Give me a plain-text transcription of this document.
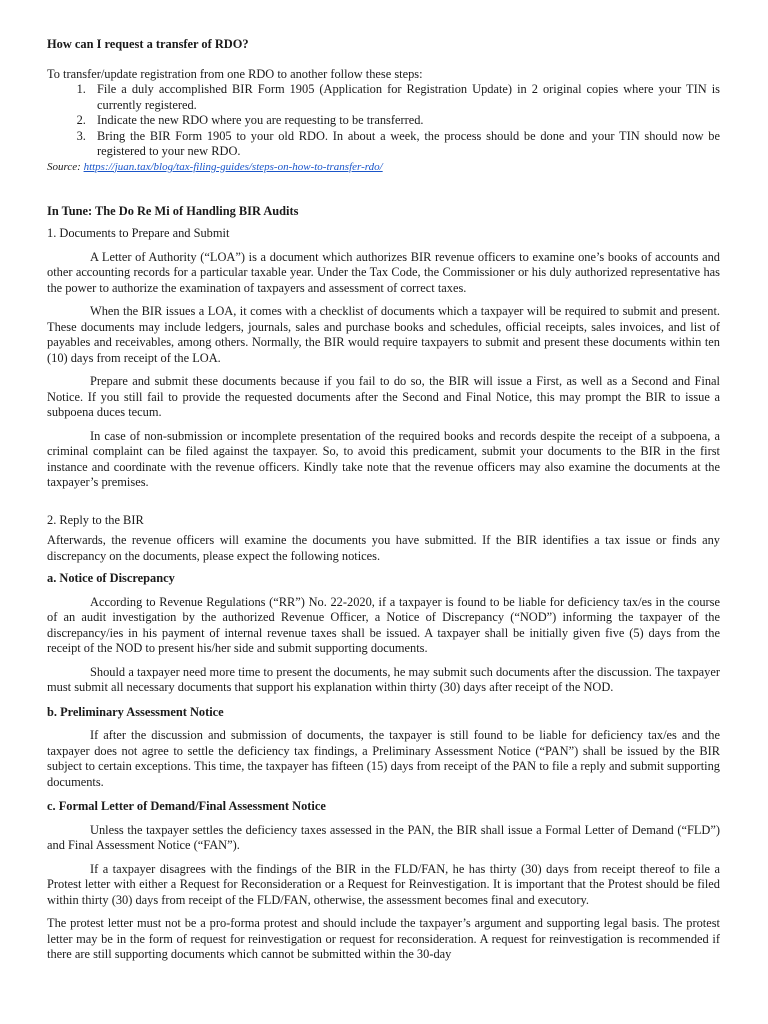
How can I request a transfer of RDO?

To transfer/update registration from one RDO to another follow these steps:

1. File a duly accomplished BIR Form 1905 (Application for Registration Update) in 2 original copies where your TIN is currently registered.
2. Indicate the new RDO where you are requesting to be transferred.
3. Bring the BIR Form 1905 to your old RDO. In about a week, the process should be done and your TIN should now be registered to your new RDO.

Source: https://juan.tax/blog/tax-filing-guides/steps-on-how-to-transfer-rdo/

In Tune: The Do Re Mi of Handling BIR Audits

1. Documents to Prepare and Submit

A Letter of Authority (“LOA”) is a document which authorizes BIR revenue officers to examine one’s books of accounts and other accounting records for a particular taxable year. Under the Tax Code, the Commissioner or his duly authorized representative has the power to authorize the examination of taxpayers and assessment of correct taxes.

When the BIR issues a LOA, it comes with a checklist of documents which a taxpayer will be required to submit and present. These documents may include ledgers, journals, sales and purchase books and schedules, official receipts, sales invoices, and list of payables and receivables, among others. Normally, the BIR would require taxpayers to submit and present these documents within ten (10) days from receipt of the LOA.

Prepare and submit these documents because if you fail to do so, the BIR will issue a First, as well as a Second and Final Notice. If you still fail to provide the requested documents after the Second and Final Notice, this may prompt the BIR to issue a subpoena duces tecum.

In case of non-submission or incomplete presentation of the required books and records despite the receipt of a subpoena, a criminal complaint can be filed against the taxpayer. So, to avoid this predicament, submit your documents to the BIR in the first instance and coordinate with the revenue officers. Kindly take note that the revenue officers may also examine the documents at the taxpayer’s premises.

2. Reply to the BIR

Afterwards, the revenue officers will examine the documents you have submitted. If the BIR identifies a tax issue or finds any discrepancy on the documents, please expect the following notices.

a. Notice of Discrepancy

According to Revenue Regulations (“RR”) No. 22-2020, if a taxpayer is found to be liable for deficiency tax/es in the course of an audit investigation by the authorized Revenue Officer, a Notice of Discrepancy (“NOD”) informing the taxpayer of the discrepancy/ies in his payment of internal revenue taxes shall be issued. A taxpayer shall be initially given five (5) days from the receipt of the NOD to present his/her side and submit supporting documents.

Should a taxpayer need more time to present the documents, he may submit such documents after the discussion. The taxpayer must submit all necessary documents that support his explanation within thirty (30) days after receipt of the NOD.

b. Preliminary Assessment Notice

If after the discussion and submission of documents, the taxpayer is still found to be liable for deficiency tax/es and the taxpayer does not agree to settle the deficiency tax findings, a Preliminary Assessment Notice (“PAN”) shall be issued by the BIR subject to certain exceptions. This time, the taxpayer has fifteen (15) days from receipt of the PAN to file a reply and submit supporting documents.

c. Formal Letter of Demand/Final Assessment Notice

Unless the taxpayer settles the deficiency taxes assessed in the PAN, the BIR shall issue a Formal Letter of Demand (“FLD”) and Final Assessment Notice (“FAN”).

If a taxpayer disagrees with the findings of the BIR in the FLD/FAN, he has thirty (30) days from receipt thereof to file a Protest letter with either a Request for Reconsideration or a Request for Reinvestigation. It is important that the Protest should be filed within thirty (30) days from receipt of the FLD/FAN, otherwise, the assessment becomes final and executory.

The protest letter must not be a pro-forma protest and should include the taxpayer’s argument and supporting legal basis. The protest letter may be in the form of request for reinvestigation or request for reconsideration. A request for reinvestigation is recommended if there are still supporting documents which cannot be submitted within the 30-day
